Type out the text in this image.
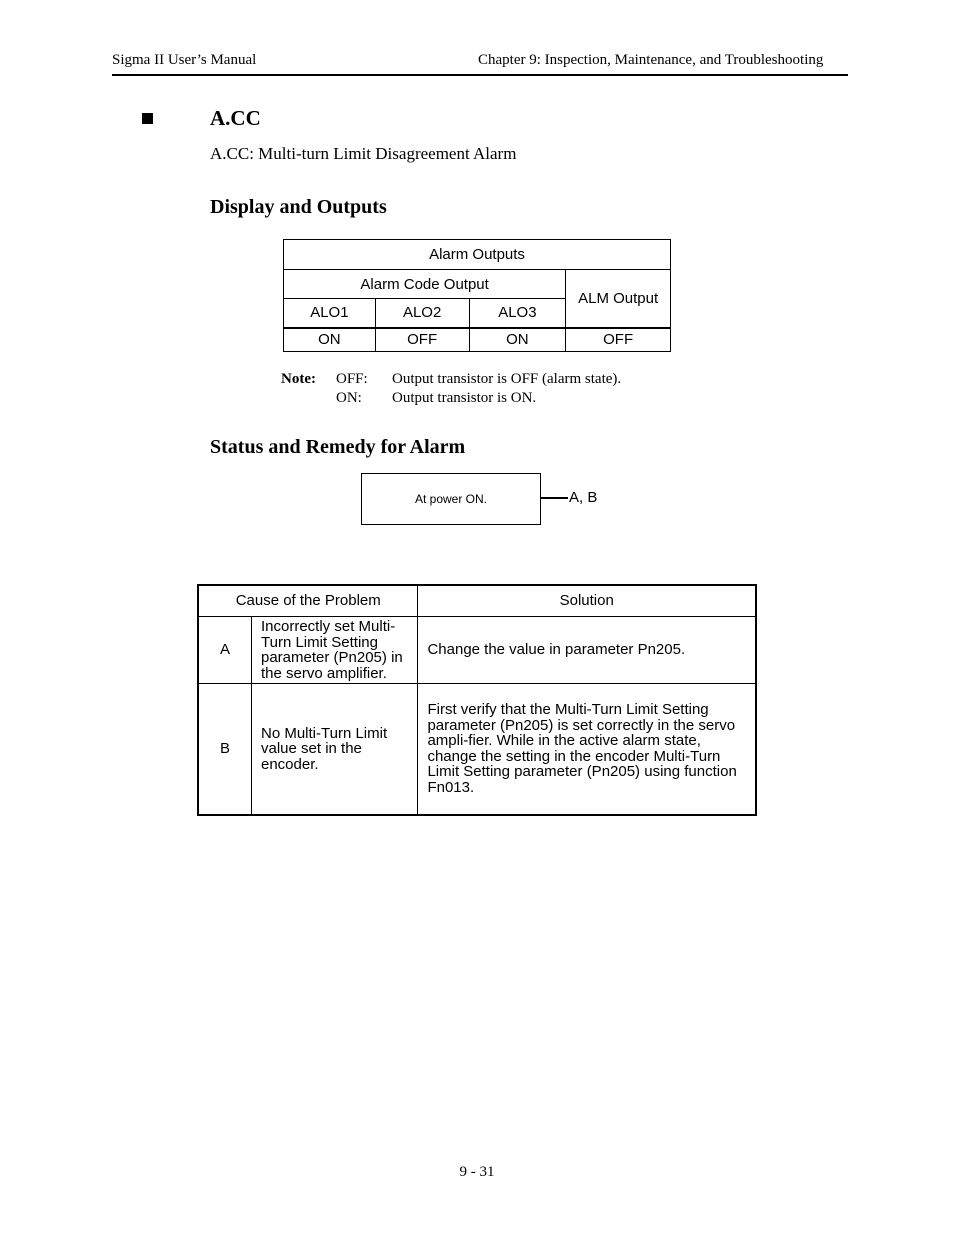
Sigma II User’s Manual	Chapter 9: Inspection, Maintenance, and Troubleshooting
A.CC
A.CC: Multi-turn Limit Disagreement Alarm
Display and Outputs
Alarm Outputs			
Alarm Code Output			ALM Output
ALO1	ALO2	ALO3	
ON	OFF	ON	OFF
Note: OFF: Output transistor is OFF (alarm state).
ON: Output transistor is ON.
Status and Remedy for Alarm
At power ON.	A, B
Cause of the Problem		Solution
A	Incorrectly set Multi-Turn Limit Setting parameter (Pn205) in the servo amplifier.	Change the value in parameter Pn205.
B	No Multi-Turn Limit value set in the encoder.	First verify that the Multi-Turn Limit Setting parameter (Pn205) is set correctly in the servo ampli-fier. While in the active alarm state, change the setting in the encoder Multi-Turn Limit Setting parameter (Pn205) using function Fn013.
9 - 31
